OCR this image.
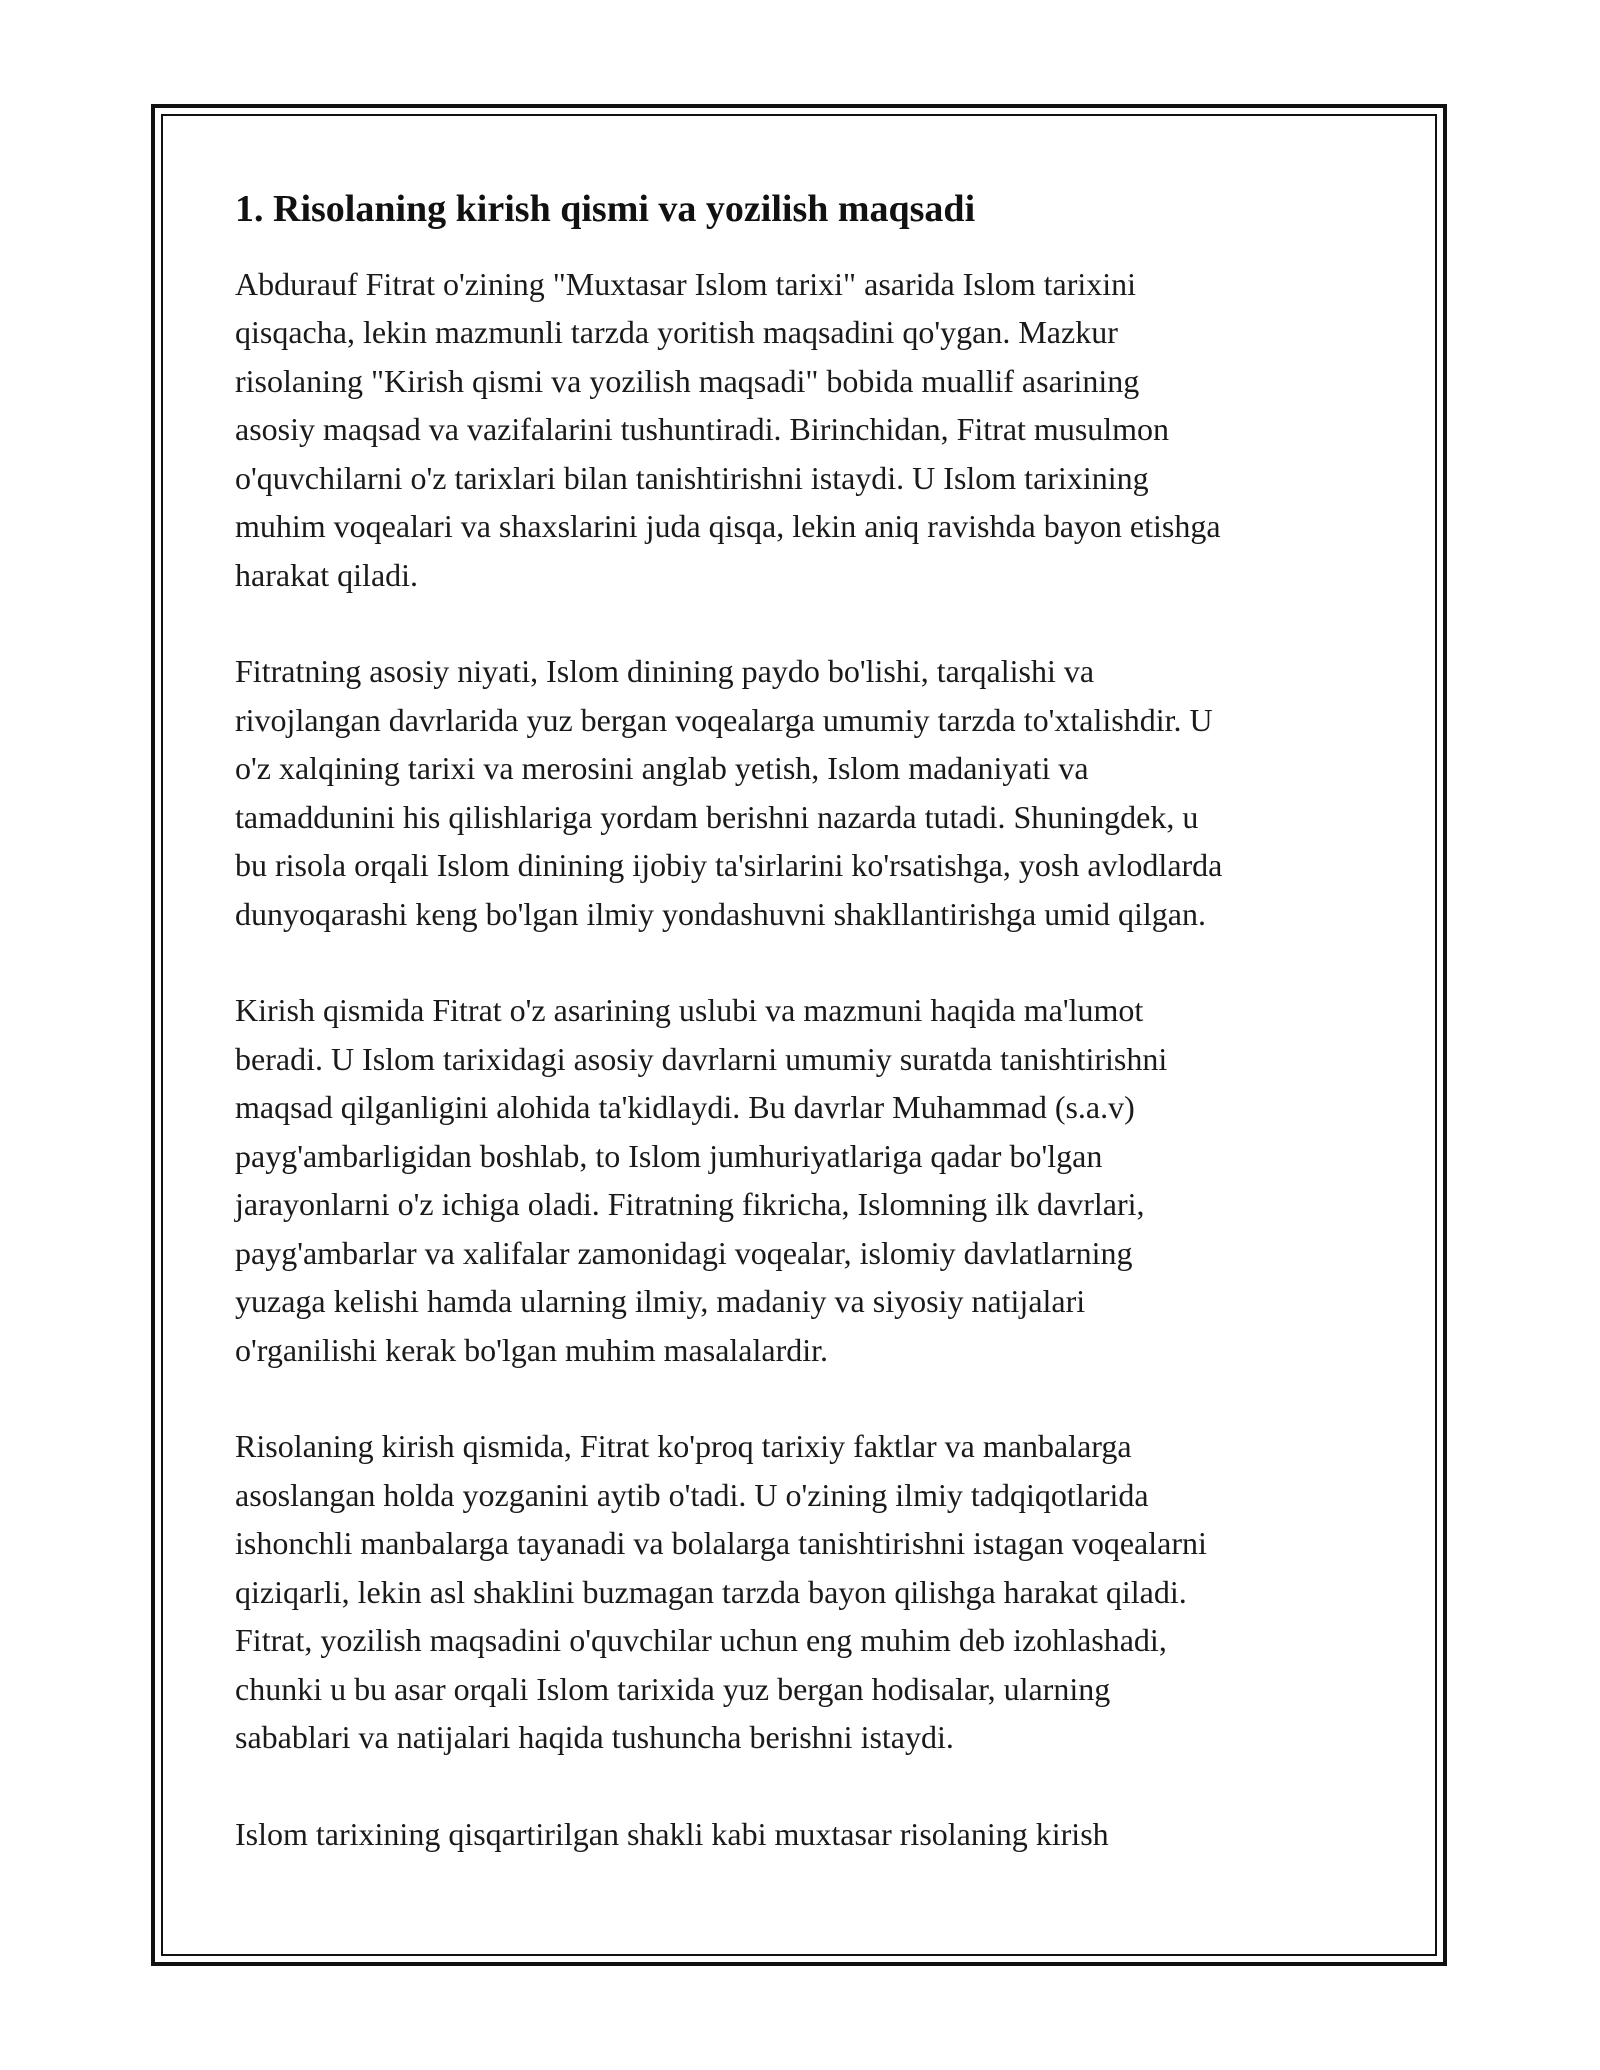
1. Risolaning kirish qismi va yozilish maqsadi

Abdurauf Fitrat o'zining "Muxtasar Islom tarixi" asarida Islom tarixini
qisqacha, lekin mazmunli tarzda yoritish maqsadini qo'ygan. Mazkur
risolaning "Kirish qismi va yozilish maqsadi" bobida muallif asarining
asosiy maqsad va vazifalarini tushuntiradi. Birinchidan, Fitrat musulmon
o'quvchilarni o'z tarixlari bilan tanishtirishni istaydi. U Islom tarixining
muhim voqealari va shaxslarini juda qisqa, lekin aniq ravishda bayon etishga
harakat qiladi.

Fitratning asosiy niyati, Islom dinining paydo bo'lishi, tarqalishi va
rivojlangan davrlarida yuz bergan voqealarga umumiy tarzda to'xtalishdir. U
o'z xalqining tarixi va merosini anglab yetish, Islom madaniyati va
tamaddunini his qilishlariga yordam berishni nazarda tutadi. Shuningdek, u
bu risola orqali Islom dinining ijobiy ta'sirlarini ko'rsatishga, yosh avlodlarda
dunyoqarashi keng bo'lgan ilmiy yondashuvni shakllantirishga umid qilgan.

Kirish qismida Fitrat o'z asarining uslubi va mazmuni haqida ma'lumot
beradi. U Islom tarixidagi asosiy davrlarni umumiy suratda tanishtirishni
maqsad qilganligini alohida ta'kidlaydi. Bu davrlar Muhammad (s.a.v)
payg'ambarligidan boshlab, to Islom jumhuriyatlariga qadar bo'lgan
jarayonlarni o'z ichiga oladi. Fitratning fikricha, Islomning ilk davrlari,
payg'ambarlar va xalifalar zamonidagi voqealar, islomiy davlatlarning
yuzaga kelishi hamda ularning ilmiy, madaniy va siyosiy natijalari
o'rganilishi kerak bo'lgan muhim masalalardir.

Risolaning kirish qismida, Fitrat ko'proq tarixiy faktlar va manbalarga
asoslangan holda yozganini aytib o'tadi. U o'zining ilmiy tadqiqotlarida
ishonchli manbalarga tayanadi va bolalarga tanishtirishni istagan voqealarni
qiziqarli, lekin asl shaklini buzmagan tarzda bayon qilishga harakat qiladi.
Fitrat, yozilish maqsadini o'quvchilar uchun eng muhim deb izohlashadi,
chunki u bu asar orqali Islom tarixida yuz bergan hodisalar, ularning
sabablari va natijalari haqida tushuncha berishni istaydi.

Islom tarixining qisqartirilgan shakli kabi muxtasar risolaning kirish
